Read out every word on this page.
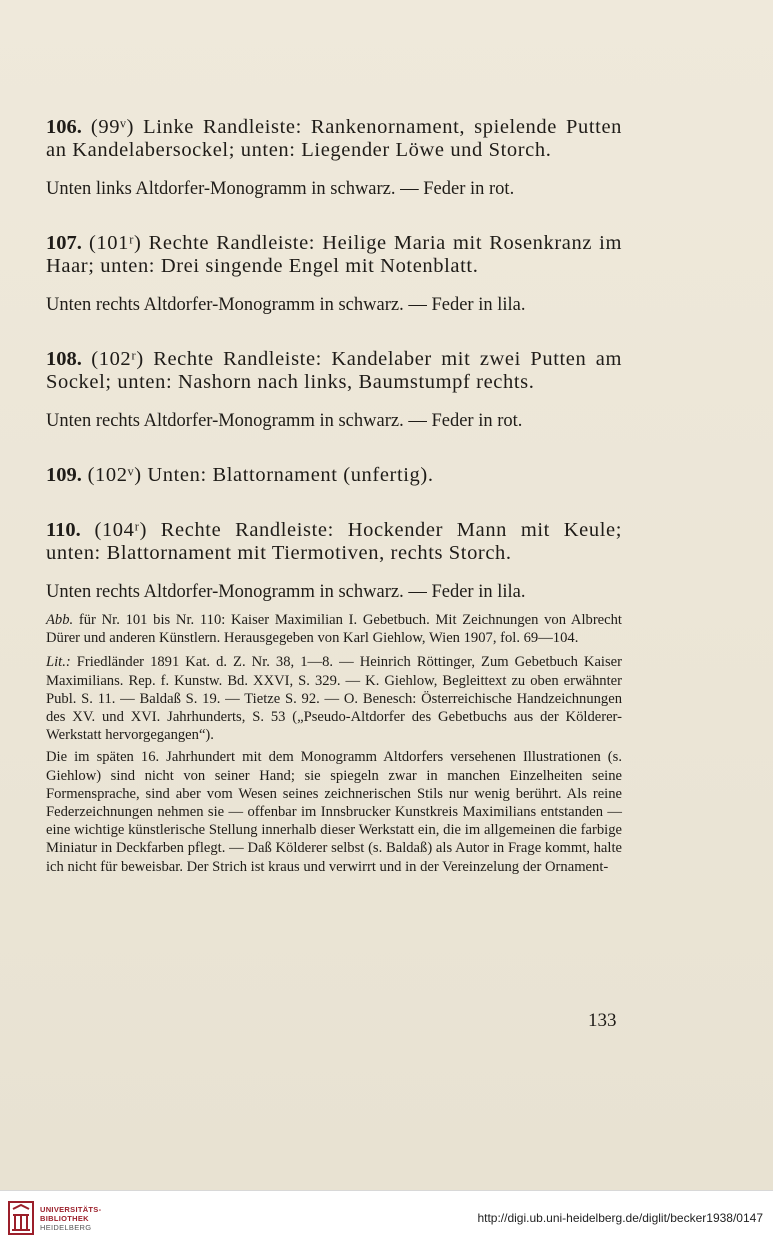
106. (99ᵛ) Linke Randleiste: Rankenornament, spielende Putten an Kandelabersockel; unten: Liegender Löwe und Storch.
Unten links Altdorfer-Monogramm in schwarz. — Feder in rot.
107. (101ʳ) Rechte Randleiste: Heilige Maria mit Rosenkranz im Haar; unten: Drei singende Engel mit Notenblatt.
Unten rechts Altdorfer-Monogramm in schwarz. — Feder in lila.
108. (102ʳ) Rechte Randleiste: Kandelaber mit zwei Putten am Sockel; unten: Nashorn nach links, Baumstumpf rechts.
Unten rechts Altdorfer-Monogramm in schwarz. — Feder in rot.
109. (102ᵛ) Unten: Blattornament (unfertig).
110. (104ʳ) Rechte Randleiste: Hockender Mann mit Keule; unten: Blattornament mit Tiermotiven, rechts Storch.
Unten rechts Altdorfer-Monogramm in schwarz. — Feder in lila.

Abb. für Nr. 101 bis Nr. 110: Kaiser Maximilian I. Gebetbuch. Mit Zeichnungen von Albrecht Dürer und anderen Künstlern. Herausgegeben von Karl Giehlow, Wien 1907, fol. 69—104.

Lit.: Friedländer 1891 Kat. d. Z. Nr. 38, 1—8. — Heinrich Röttinger, Zum Gebetbuch Kaiser Maximilians. Rep. f. Kunstw. Bd. XXVI, S. 329. — K. Giehlow, Begleittext zu oben erwähnter Publ. S. 11. — Baldaß S. 19. — Tietze S. 92. — O. Benesch: Österreichische Handzeichnungen des XV. und XVI. Jahrhunderts, S. 53 („Pseudo-Altdorfer des Gebetbuchs aus der Kölderer-Werkstatt hervorgegangen“).

Die im späten 16. Jahrhundert mit dem Monogramm Altdorfers versehenen Illustrationen (s. Giehlow) sind nicht von seiner Hand; sie spiegeln zwar in manchen Einzelheiten seine Formensprache, sind aber vom Wesen seines zeichnerischen Stils nur wenig berührt. Als reine Federzeichnungen nehmen sie — offenbar im Innsbrucker Kunstkreis Maximilians entstanden — eine wichtige künstlerische Stellung innerhalb dieser Werkstatt ein, die im allgemeinen die farbige Miniatur in Deckfarben pflegt. — Daß Kölderer selbst (s. Baldaß) als Autor in Frage kommt, halte ich nicht für beweisbar. Der Strich ist kraus und verwirrt und in der Vereinzelung der Ornament-

133
UNIVERSITÄTS-
BIBLIOTHEK
HEIDELBERG
http://digi.ub.uni-heidelberg.de/diglit/becker1938/0147
